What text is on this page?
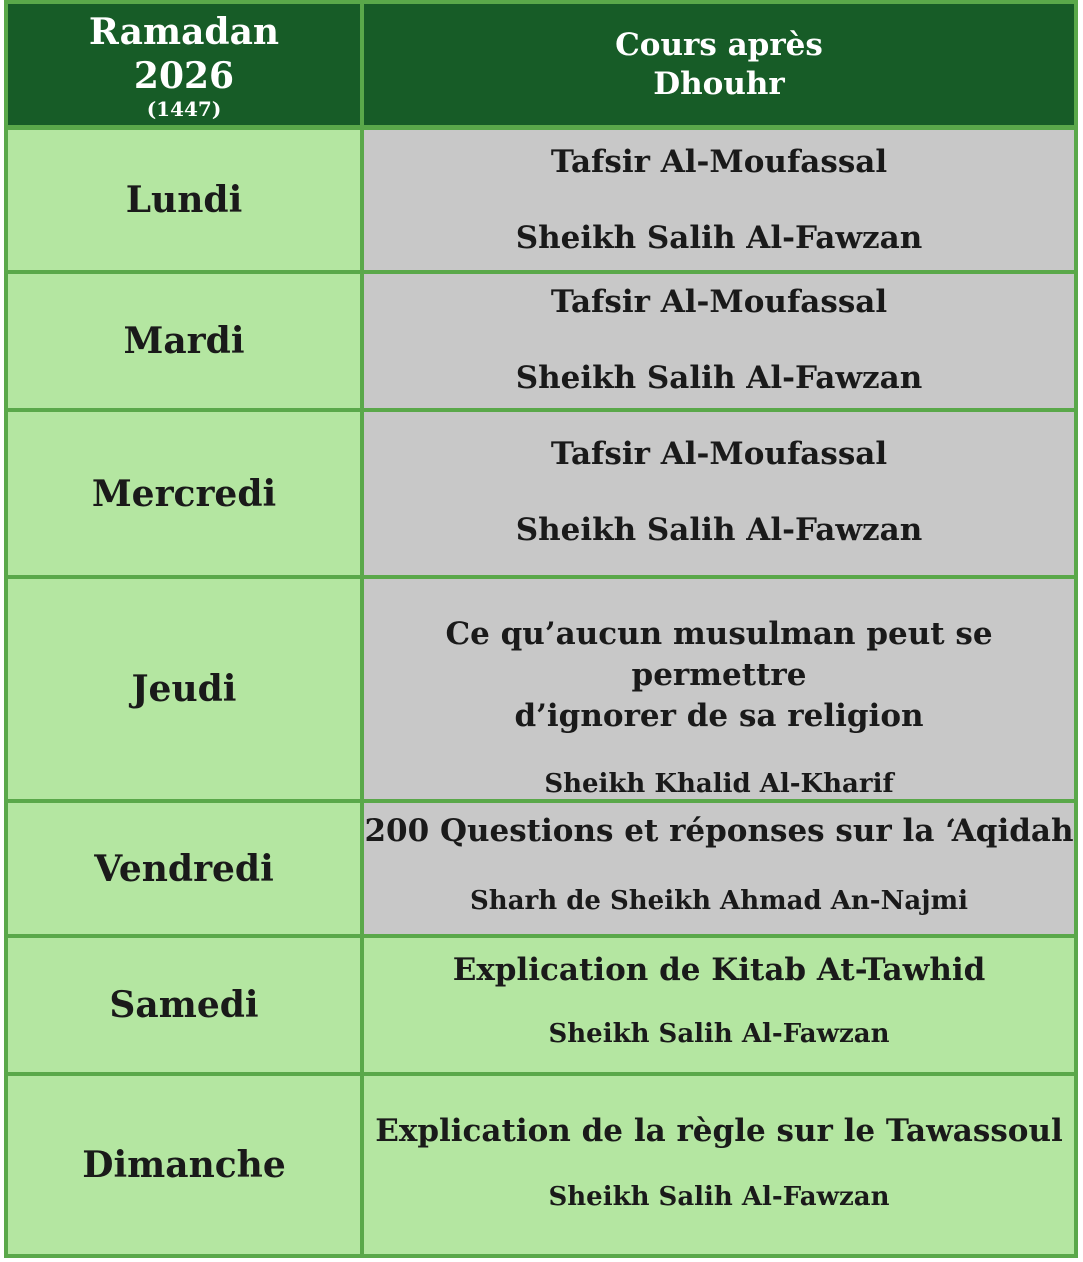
Ramadan
2026
(1447)
Cours après
Dhouhr
Lundi
Tafsir Al-Moufassal
Sheikh Salih Al-Fawzan
Mardi
Tafsir Al-Moufassal
Sheikh Salih Al-Fawzan
Mercredi
Tafsir Al-Moufassal
Sheikh Salih Al-Fawzan
Jeudi
Ce qu’aucun musulman peut se permettre
d’ignorer de sa religion
Sheikh Khalid Al-Kharif
Vendredi
200 Questions et réponses sur la ‘Aqidah
Sharh de Sheikh Ahmad An-Najmi
Samedi
Explication de Kitab At-Tawhid
Sheikh Salih Al-Fawzan
Dimanche
Explication de la règle sur le Tawassoul
Sheikh Salih Al-Fawzan
